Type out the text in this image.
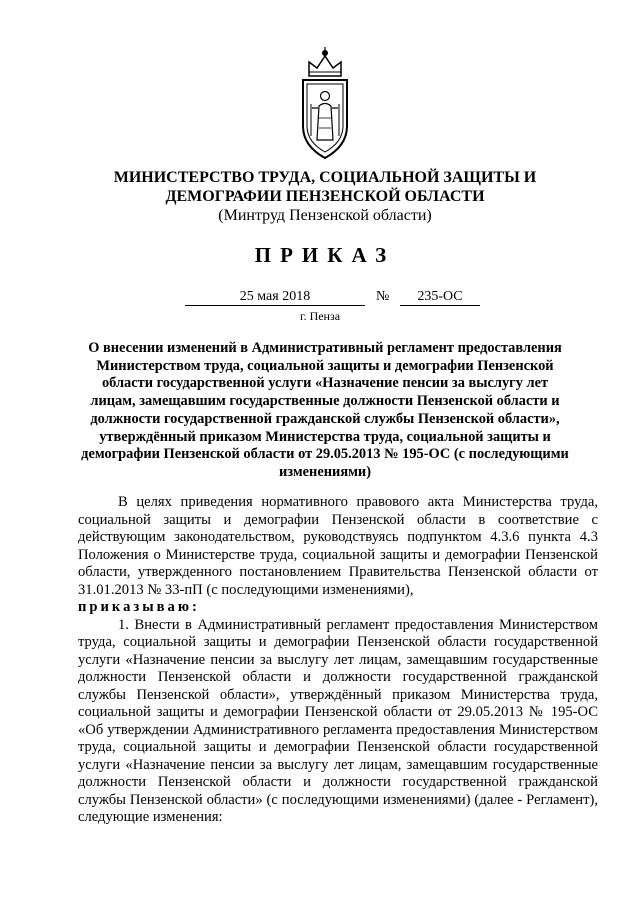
МИНИСТЕРСТВО ТРУДА, СОЦИАЛЬНОЙ ЗАЩИТЫ И ДЕМОГРАФИИ ПЕНЗЕНСКОЙ ОБЛАСТИ
(Минтруд Пензенской области)
ПРИКАЗ
25 мая 2018	№	235-ОС
г. Пенза
О внесении изменений в Административный регламент предоставления Министерством труда, социальной защиты и демографии Пензенской области государственной услуги «Назначение пенсии за выслугу лет лицам, замещавшим государственные должности Пензенской области и должности государственной гражданской службы Пензенской области», утверждённый приказом Министерства труда, социальной защиты и демографии Пензенской области от 29.05.2013 № 195-ОС (с последующими изменениями)

В целях приведения нормативного правового акта Министерства труда, социальной защиты и демографии Пензенской области в соответствие с действующим законодательством, руководствуясь подпунктом 4.3.6 пункта 4.3 Положения о Министерстве труда, социальной защиты и демографии Пензенской области, утвержденного постановлением Правительства Пензенской области от 31.01.2013 № 33-пП (с последующими изменениями),

приказываю:

1. Внести в Административный регламент предоставления Министерством труда, социальной защиты и демографии Пензенской области государственной услуги «Назначение пенсии за выслугу лет лицам, замещавшим государственные должности Пензенской области и должности государственной гражданской службы Пензенской области», утверждённый приказом Министерства труда, социальной защиты и демографии Пензенской области от 29.05.2013 № 195-ОС «Об утверждении Административного регламента предоставления Министерством труда, социальной защиты и демографии Пензенской области государственной услуги «Назначение пенсии за выслугу лет лицам, замещавшим государственные должности Пензенской области и должности государственной гражданской службы Пензенской области» (с последующими изменениями) (далее - Регламент), следующие изменения:
